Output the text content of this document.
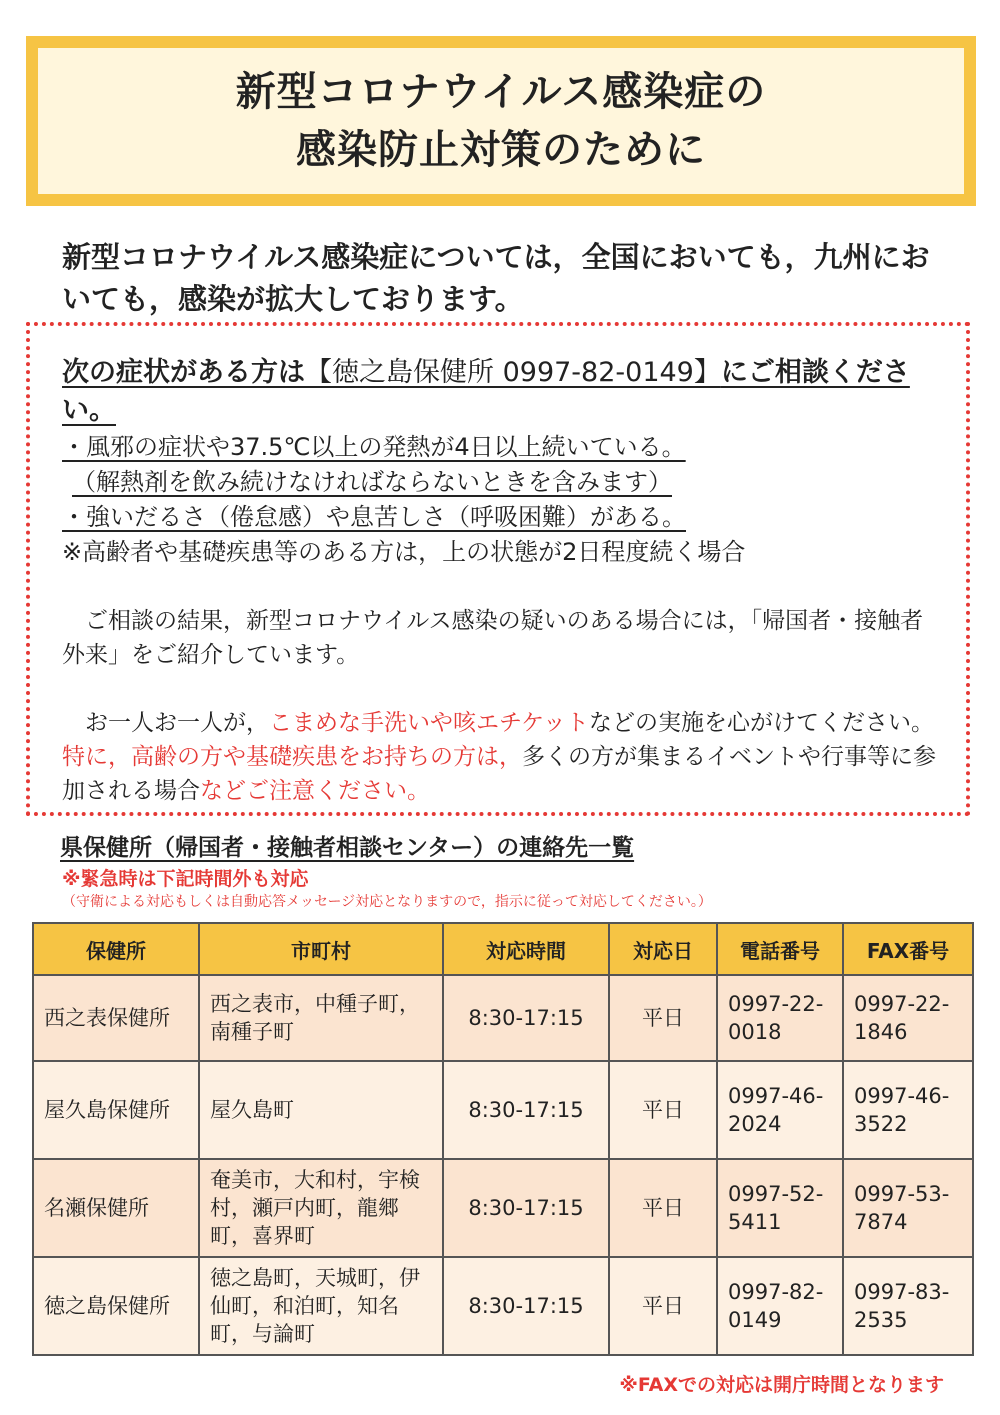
新型コロナウイルス感染症の
感染防止対策のために
新型コロナウイルス感染症については，全国においても，九州においても，感染が拡大しております。
次の症状がある方は【徳之島保健所 0997-82-0149】にご相談ください。
・風邪の症状や37.5℃以上の発熱が4日以上続いている。
（解熱剤を飲み続けなければならないときを含みます）
・強いだるさ（倦怠感）や息苦しさ（呼吸困難）がある。
※高齢者や基礎疾患等のある方は，上の状態が2日程度続く場合
　ご相談の結果，新型コロナウイルス感染の疑いのある場合には，「帰国者・接触者外来」をご紹介しています。
　お一人お一人が，こまめな手洗いや咳エチケットなどの実施を心がけてください。特に，高齢の方や基礎疾患をお持ちの方は，多くの方が集まるイベントや行事等に参加される場合などご注意ください。
県保健所（帰国者・接触者相談センター）の連絡先一覧
※緊急時は下記時間外も対応
（守衛による対応もしくは自動応答メッセージ対応となりますので，指示に従って対応してください。）
保健所	市町村	対応時間	対応日	電話番号	FAX番号
西之表保健所	西之表市，中種子町，南種子町	8:30-17:15	平日	0997-22-0018	0997-22-1846
屋久島保健所	屋久島町	8:30-17:15	平日	0997-46-2024	0997-46-3522
名瀬保健所	奄美市，大和村，宇検村，瀬戸内町，龍郷町，喜界町	8:30-17:15	平日	0997-52-5411	0997-53-7874
徳之島保健所	徳之島町，天城町，伊仙町，和泊町，知名町，与論町	8:30-17:15	平日	0997-82-0149	0997-83-2535
※FAXでの対応は開庁時間となります
